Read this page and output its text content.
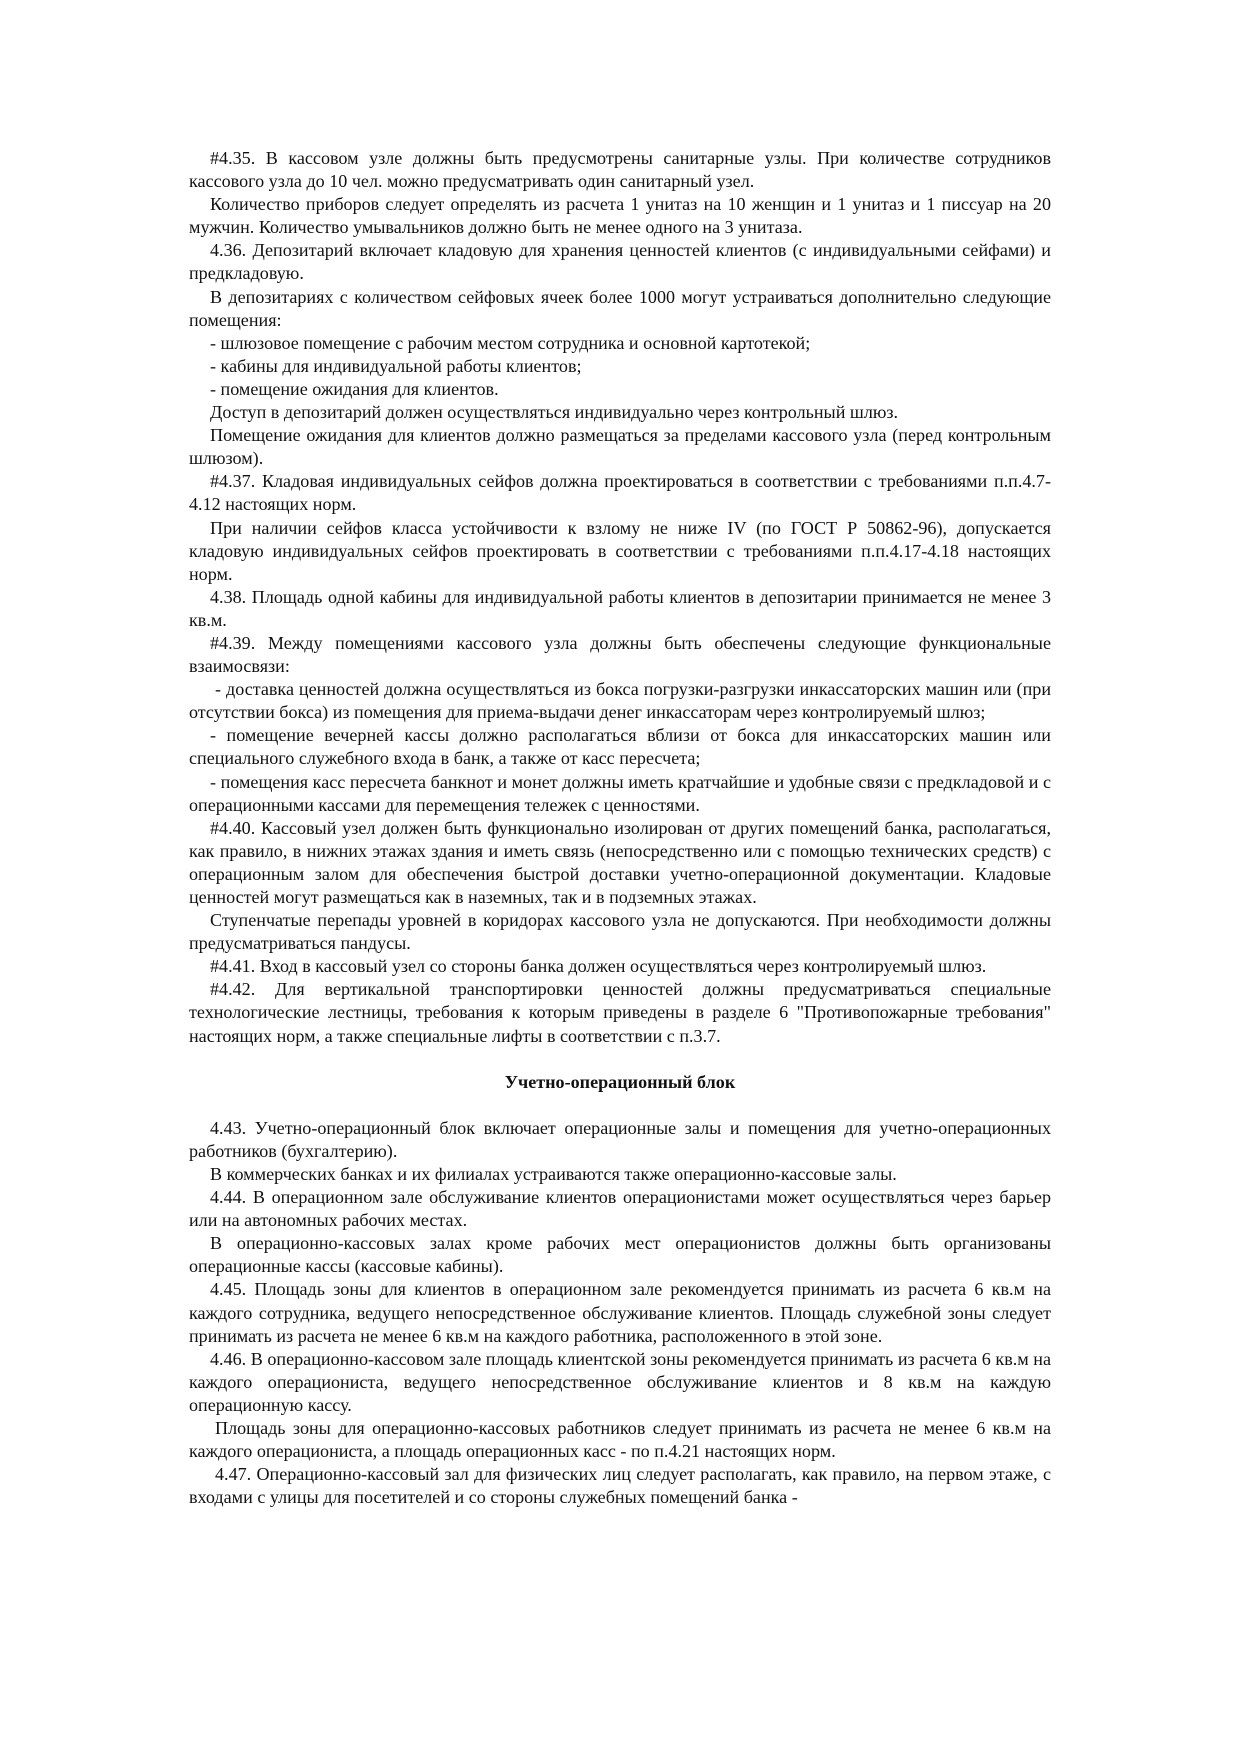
#4.35. В кассовом узле должны быть предусмотрены санитарные узлы. При количестве сотрудников кассового узла до 10 чел. можно предусматривать один санитарный узел.

Количество приборов следует определять из расчета 1 унитаз на 10 женщин и 1 унитаз и 1 писсуар на 20 мужчин. Количество умывальников должно быть не менее одного на 3 унитаза.

4.36. Депозитарий включает кладовую для хранения ценностей клиентов (с индивидуальными сейфами) и предкладовую.

В депозитариях с количеством сейфовых ячеек более 1000 могут устраиваться дополнительно следующие помещения:

- шлюзовое помещение с рабочим местом сотрудника и основной картотекой;

- кабины для индивидуальной работы клиентов;

- помещение ожидания для клиентов.

Доступ в депозитарий должен осуществляться индивидуально через контрольный шлюз.

Помещение ожидания для клиентов должно размещаться за пределами кассового узла (перед контрольным шлюзом).

#4.37. Кладовая индивидуальных сейфов должна проектироваться в соответствии с требованиями п.п.4.7-4.12 настоящих норм.

При наличии сейфов класса устойчивости к взлому не ниже IV (по ГОСТ Р 50862-96), допускается кладовую индивидуальных сейфов проектировать в соответствии с требованиями п.п.4.17-4.18 настоящих норм.

4.38. Площадь одной кабины для индивидуальной работы клиентов в депозитарии принимается не менее 3 кв.м.

#4.39. Между помещениями кассового узла должны быть обеспечены следующие функциональные взаимосвязи:

- доставка ценностей должна осуществляться из бокса погрузки-разгрузки инкассаторских машин или (при отсутствии бокса) из помещения для приема-выдачи денег инкассаторам через контролируемый шлюз;

- помещение вечерней кассы должно располагаться вблизи от бокса для инкассаторских машин или специального служебного входа в банк, а также от касс пересчета;

- помещения касс пересчета банкнот и монет должны иметь кратчайшие и удобные связи с предкладовой и с операционными кассами для перемещения тележек с ценностями.

#4.40. Кассовый узел должен быть функционально изолирован от других помещений банка, располагаться, как правило, в нижних этажах здания и иметь связь (непосредственно или с помощью технических средств) с операционным залом для обеспечения быстрой доставки учетно-операционной документации. Кладовые ценностей могут размещаться как в наземных, так и в подземных этажах.

Ступенчатые перепады уровней в коридорах кассового узла не допускаются. При необходимости должны предусматриваться пандусы.

#4.41. Вход в кассовый узел со стороны банка должен осуществляться через контролируемый шлюз.

#4.42. Для вертикальной транспортировки ценностей должны предусматриваться специальные технологические лестницы, требования к которым приведены в разделе 6 "Противопожарные требования" настоящих норм, а также специальные лифты в соответствии с п.3.7.

Учетно-операционный блок

4.43. Учетно-операционный блок включает операционные залы и помещения для учетно-операционных работников (бухгалтерию).

В коммерческих банках и их филиалах устраиваются также операционно-кассовые залы.

4.44. В операционном зале обслуживание клиентов операционистами может осуществляться через барьер или на автономных рабочих местах.

В операционно-кассовых залах кроме рабочих мест операционистов должны быть организованы операционные кассы (кассовые кабины).

4.45. Площадь зоны для клиентов в операционном зале рекомендуется принимать из расчета 6 кв.м на каждого сотрудника, ведущего непосредственное обслуживание клиентов. Площадь служебной зоны следует принимать из расчета не менее 6 кв.м на каждого работника, расположенного в этой зоне.

4.46. В операционно-кассовом зале площадь клиентской зоны рекомендуется принимать из расчета 6 кв.м на каждого операциониста, ведущего непосредственное обслуживание клиентов и 8 кв.м на каждую операционную кассу.

Площадь зоны для операционно-кассовых работников следует принимать из расчета не менее 6 кв.м на каждого операциониста, а площадь операционных касс - по п.4.21 настоящих норм.

4.47. Операционно-кассовый зал для физических лиц следует располагать, как правило, на первом этаже, с входами с улицы для посетителей и со стороны служебных помещений банка -
